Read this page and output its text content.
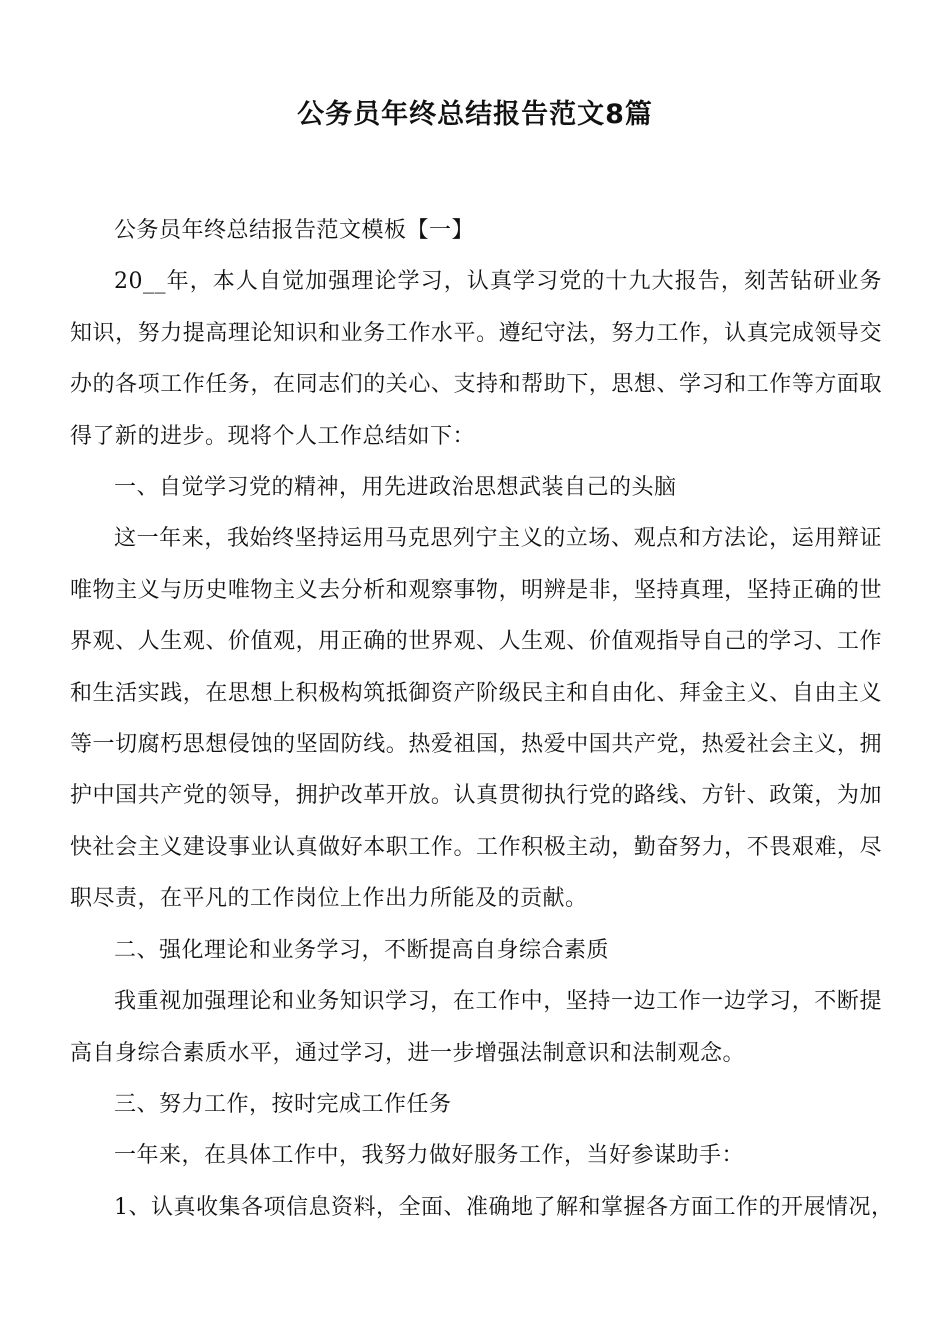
公务员年终总结报告范文8篇

公务员年终总结报告范文模板【一】

20__年，本人自觉加强理论学习，认真学习党的十九大报告，刻苦钻研业务知识，努力提高理论知识和业务工作水平。遵纪守法，努力工作，认真完成领导交办的各项工作任务，在同志们的关心、支持和帮助下，思想、学习和工作等方面取得了新的进步。现将个人工作总结如下：

一、自觉学习党的精神，用先进政治思想武装自己的头脑

这一年来，我始终坚持运用马克思列宁主义的立场、观点和方法论，运用辩证唯物主义与历史唯物主义去分析和观察事物，明辨是非，坚持真理，坚持正确的世界观、人生观、价值观，用正确的世界观、人生观、价值观指导自己的学习、工作和生活实践，在思想上积极构筑抵御资产阶级民主和自由化、拜金主义、自由主义等一切腐朽思想侵蚀的坚固防线。热爱祖国，热爱中国共产党，热爱社会主义，拥护中国共产党的领导，拥护改革开放。认真贯彻执行党的路线、方针、政策，为加快社会主义建设事业认真做好本职工作。工作积极主动，勤奋努力，不畏艰难，尽职尽责，在平凡的工作岗位上作出力所能及的贡献。

二、强化理论和业务学习，不断提高自身综合素质

我重视加强理论和业务知识学习，在工作中，坚持一边工作一边学习，不断提高自身综合素质水平，通过学习，进一步增强法制意识和法制观念。

三、努力工作，按时完成工作任务

一年来，在具体工作中，我努力做好服务工作，当好参谋助手：

1、认真收集各项信息资料，全面、准确地了解和掌握各方面工作的开展情况，
